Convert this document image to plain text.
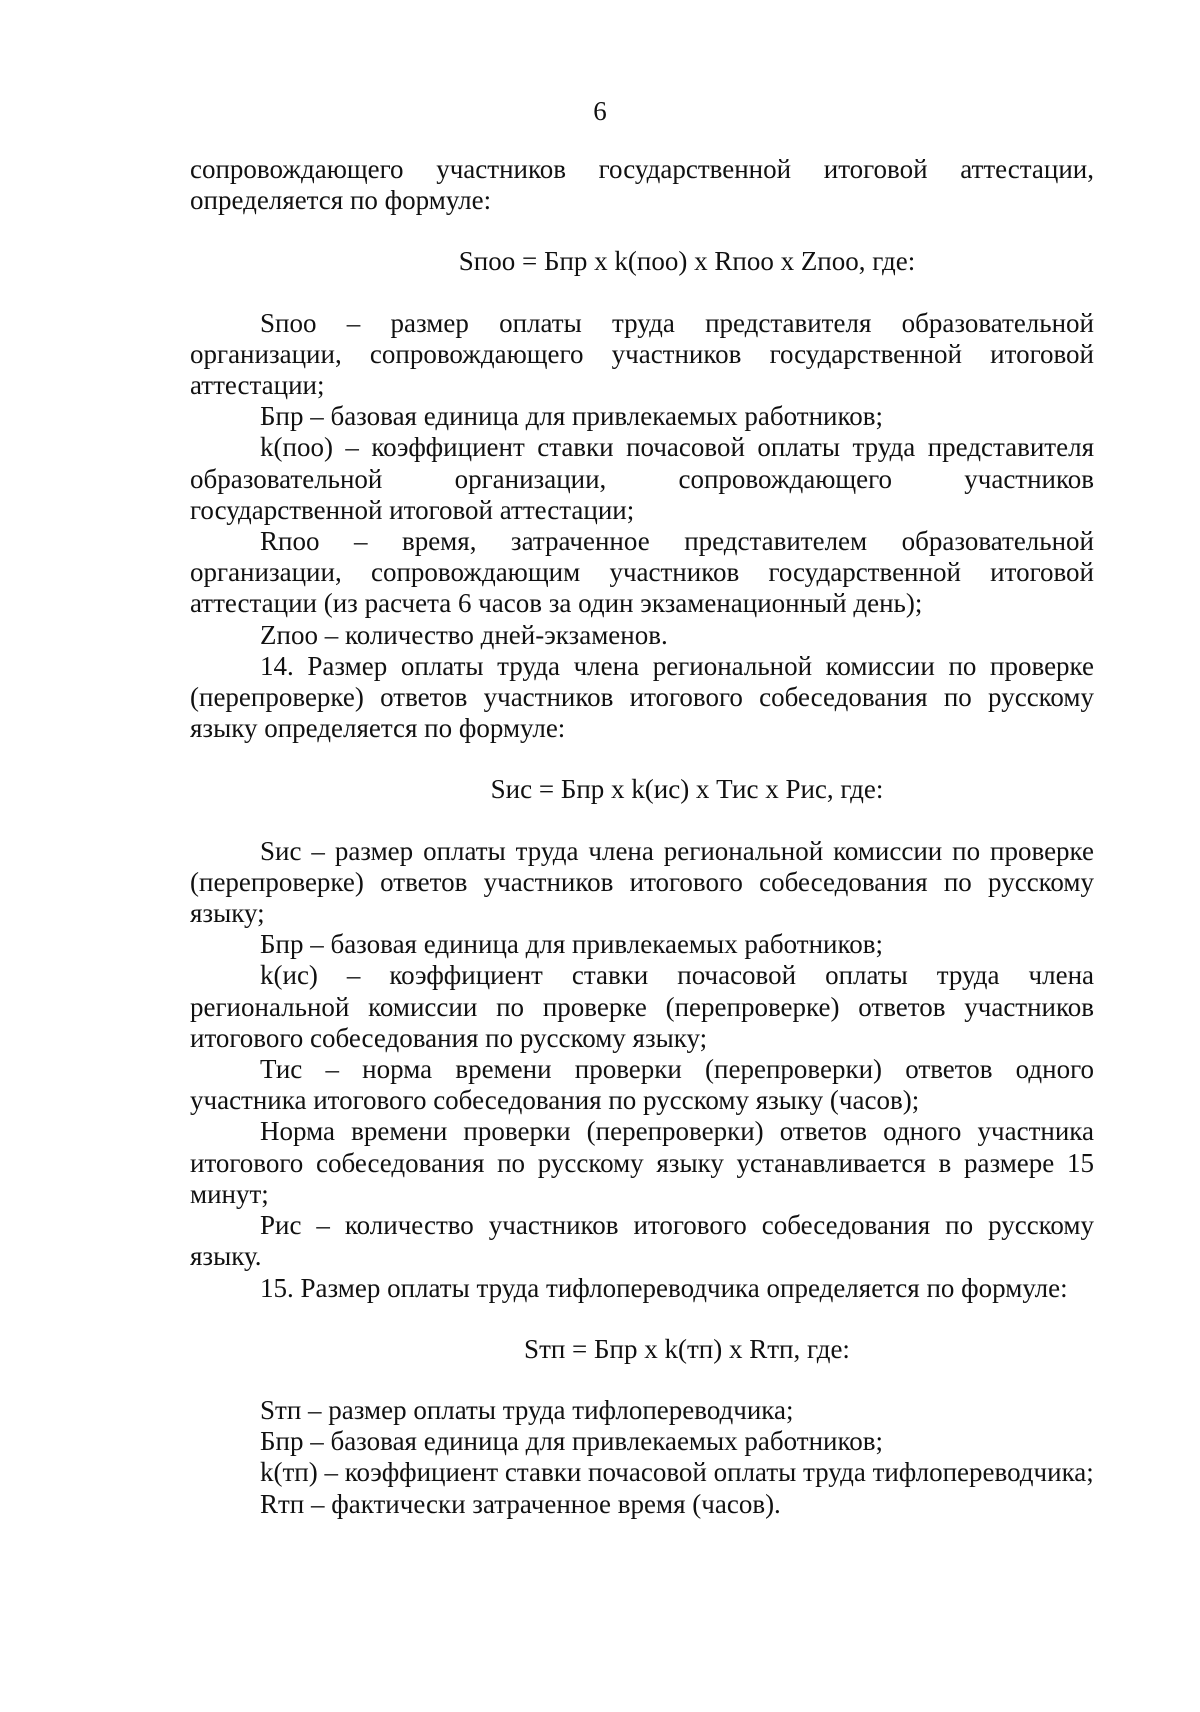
6

сопровождающего участников государственной итоговой аттестации, определяется по формуле:

Sпоо = Бпр x k(поо) x Rпоо x Zпоо, где:

Sпоо – размер оплаты труда представителя образовательной организации, сопровождающего участников государственной итоговой аттестации;

Бпр – базовая единица для привлекаемых работников;

k(поо) – коэффициент ставки почасовой оплаты труда представителя образовательной организации, сопровождающего участников государственной итоговой аттестации;

Rпоо – время, затраченное представителем образовательной организации, сопровождающим участников государственной итоговой аттестации (из расчета 6 часов за один экзаменационный день);

Zпоо – количество дней-экзаменов.

14. Размер оплаты труда члена региональной комиссии по проверке (перепроверке) ответов участников итогового собеседования по русскому языку определяется по формуле:

Sис = Бпр x k(ис) x Тис x Рис, где:

Sис – размер оплаты труда члена региональной комиссии по проверке (перепроверке) ответов участников итогового собеседования по русскому языку;

Бпр – базовая единица для привлекаемых работников;

k(ис) – коэффициент ставки почасовой оплаты труда члена региональной комиссии по проверке (перепроверке) ответов участников итогового собеседования по русскому языку;

Тис – норма времени проверки (перепроверки) ответов одного участника итогового собеседования по русскому языку (часов);

Норма времени проверки (перепроверки) ответов одного участника итогового собеседования по русскому языку устанавливается в размере 15 минут;

Рис – количество участников итогового собеседования по русскому языку.

15. Размер оплаты труда тифлопереводчика определяется по формуле:

Sтп = Бпр x k(тп) x Rтп, где:

Sтп – размер оплаты труда тифлопереводчика;

Бпр – базовая единица для привлекаемых работников;

k(тп) – коэффициент ставки почасовой оплаты труда тифлопереводчика;

Rтп – фактически затраченное время (часов).
